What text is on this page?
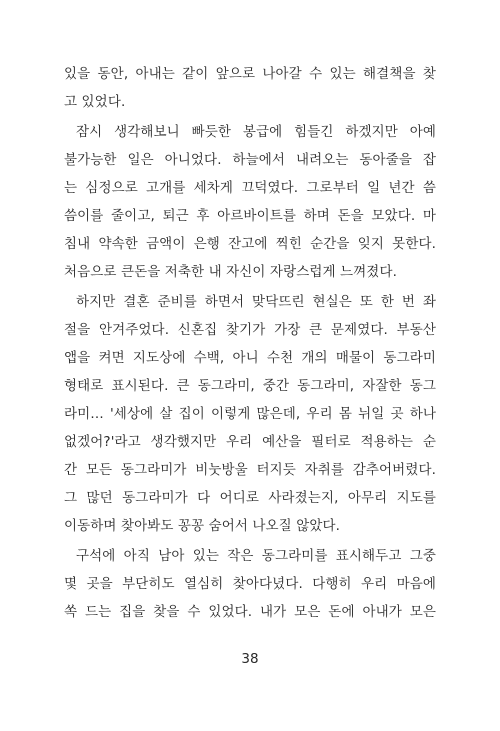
있을 동안, 아내는 같이 앞으로 나아갈 수 있는 해결책을 찾
고 있었다.
잠시 생각해보니 빠듯한 봉급에 힘들긴 하겠지만 아예
불가능한 일은 아니었다. 하늘에서 내려오는 동아줄을 잡
는 심정으로 고개를 세차게 끄덕였다. 그로부터 일 년간 씀
씀이를 줄이고, 퇴근 후 아르바이트를 하며 돈을 모았다. 마
침내 약속한 금액이 은행 잔고에 찍힌 순간을 잊지 못한다.
처음으로 큰돈을 저축한 내 자신이 자랑스럽게 느껴졌다.
하지만 결혼 준비를 하면서 맞닥뜨린 현실은 또 한 번 좌
절을 안겨주었다. 신혼집 찾기가 가장 큰 문제였다. 부동산
앱을 켜면 지도상에 수백, 아니 수천 개의 매물이 동그라미
형태로 표시된다. 큰 동그라미, 중간 동그라미, 자잘한 동그
라미… '세상에 살 집이 이렇게 많은데, 우리 몸 뉘일 곳 하나
없겠어?'라고 생각했지만 우리 예산을 필터로 적용하는 순
간 모든 동그라미가 비눗방울 터지듯 자취를 감추어버렸다.
그 많던 동그라미가 다 어디로 사라졌는지, 아무리 지도를
이동하며 찾아봐도 꽁꽁 숨어서 나오질 않았다.
구석에 아직 남아 있는 작은 동그라미를 표시해두고 그중
몇 곳을 부단히도 열심히 찾아다녔다. 다행히 우리 마음에
쏙 드는 집을 찾을 수 있었다. 내가 모은 돈에 아내가 모은
38
